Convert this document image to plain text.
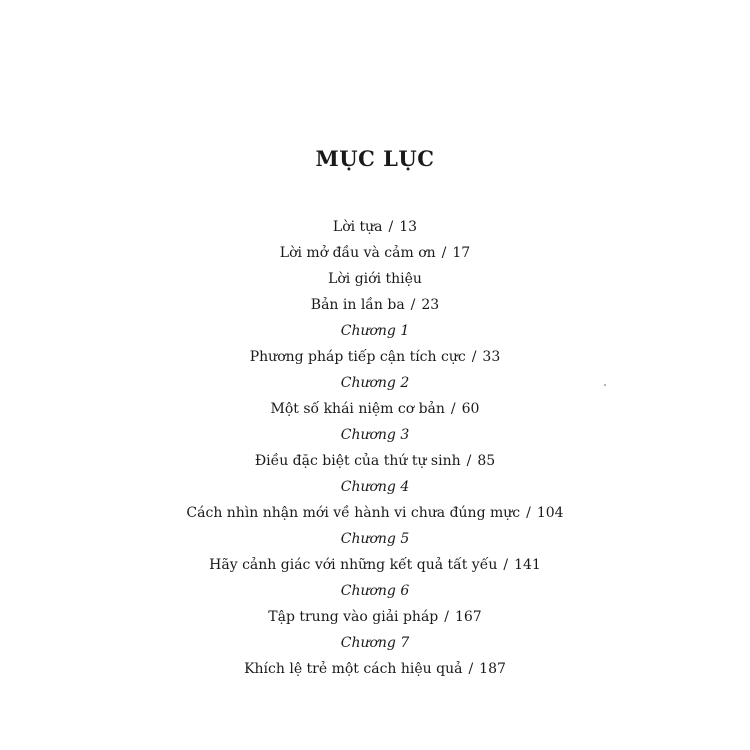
MỤC LỤC
Lời tựa / 13
Lời mở đầu và cảm ơn / 17
Lời giới thiệu
Bản in lần ba / 23
Chương 1
Phương pháp tiếp cận tích cực / 33
Chương 2
Một số khái niệm cơ bản / 60
Chương 3
Điều đặc biệt của thứ tự sinh / 85
Chương 4
Cách nhìn nhận mới về hành vi chưa đúng mực / 104
Chương 5
Hãy cảnh giác với những kết quả tất yếu / 141
Chương 6
Tập trung vào giải pháp / 167
Chương 7
Khích lệ trẻ một cách hiệu quả / 187
